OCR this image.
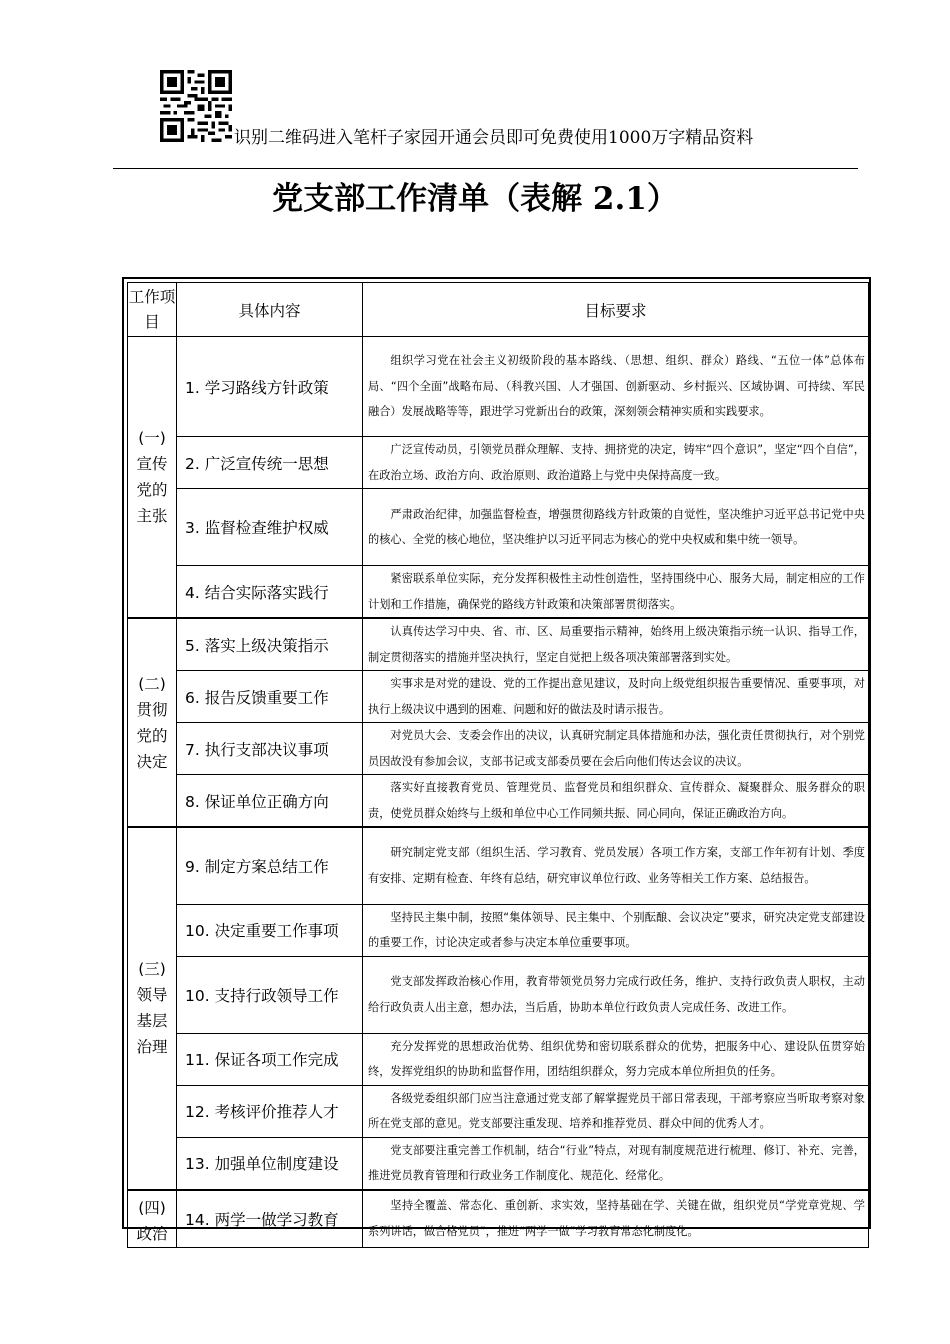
识别二维码进入笔杆子家园开通会员即可免费使用1000万字精品资料
党支部工作清单（表解 2.1）
工作项目	具体内容	目标要求
(一)宣传党的主张	1. 学习路线方针政策	组织学习党在社会主义初级阶段的基本路线、（思想、组织、群众）路线、“五位一体”总体布局、“四个全面”战略布局、（科教兴国、人才强国、创新驱动、乡村振兴、区域协调、可持续、军民融合）发展战略等等，跟进学习党新出台的政策，深刻领会精神实质和实践要求。
	2. 广泛宣传统一思想	广泛宣传动员，引领党员群众理解、支持、拥挤党的决定，铸牢“四个意识”，坚定“四个自信”，在政治立场、政治方向、政治原则、政治道路上与党中央保持高度一致。
	3. 监督检查维护权威	严肃政治纪律，加强监督检查，增强贯彻路线方针政策的自觉性，坚决维护习近平总书记党中央的核心、全党的核心地位，坚决维护以习近平同志为核心的党中央权威和集中统一领导。
	4. 结合实际落实践行	紧密联系单位实际，充分发挥积极性主动性创造性，坚持围绕中心、服务大局，制定相应的工作计划和工作措施，确保党的路线方针政策和决策部署贯彻落实。
(二)贯彻党的决定	5. 落实上级决策指示	认真传达学习中央、省、市、区、局重要指示精神，始终用上级决策指示统一认识、指导工作，制定贯彻落实的措施并坚决执行，坚定自觉把上级各项决策部署落到实处。
	6. 报告反馈重要工作	实事求是对党的建设、党的工作提出意见建议，及时向上级党组织报告重要情况、重要事项，对执行上级决议中遇到的困难、问题和好的做法及时请示报告。
	7. 执行支部决议事项	对党员大会、支委会作出的决议，认真研究制定具体措施和办法，强化责任贯彻执行，对个别党员因故没有参加会议，支部书记或支部委员要在会后向他们传达会议的决议。
	8. 保证单位正确方向	落实好直接教育党员、管理党员、监督党员和组织群众、宣传群众、凝聚群众、服务群众的职责，使党员群众始终与上级和单位中心工作同频共振、同心同向，保证正确政治方向。
(三)领导基层治理	9. 制定方案总结工作	研究制定党支部（组织生活、学习教育、党员发展）各项工作方案，支部工作年初有计划、季度有安排、定期有检查、年终有总结，研究审议单位行政、业务等相关工作方案、总结报告。
	10. 决定重要工作事项	坚持民主集中制，按照“集体领导、民主集中、个别酝酿、会议决定”要求，研究决定党支部建设的重要工作，讨论决定或者参与决定本单位重要事项。
	10. 支持行政领导工作	党支部发挥政治核心作用，教育带领党员努力完成行政任务，维护、支持行政负责人职权，主动给行政负责人出主意，想办法，当后盾，协助本单位行政负责人完成任务、改进工作。
	11. 保证各项工作完成	充分发挥党的思想政治优势、组织优势和密切联系群众的优势，把服务中心、建设队伍贯穿始终，发挥党组织的协助和监督作用，团结组织群众，努力完成本单位所担负的任务。
	12. 考核评价推荐人才	各级党委组织部门应当注意通过党支部了解掌握党员干部日常表现，干部考察应当听取考察对象所在党支部的意见。党支部要注重发现、培养和推荐党员、群众中间的优秀人才。
	13. 加强单位制度建设	党支部要注重完善工作机制，结合“行业”特点，对现有制度规范进行梳理、修订、补充、完善，推进党员教育管理和行政业务工作制度化、规范化、经常化。
(四)政治	14. 两学一做学习教育	坚持全覆盖、常态化、重创新、求实效，坚持基础在学、关键在做，组织党员“学党章党规、学系列讲话，做合格党员”，推进“两学一做”学习教育常态化制度化。
